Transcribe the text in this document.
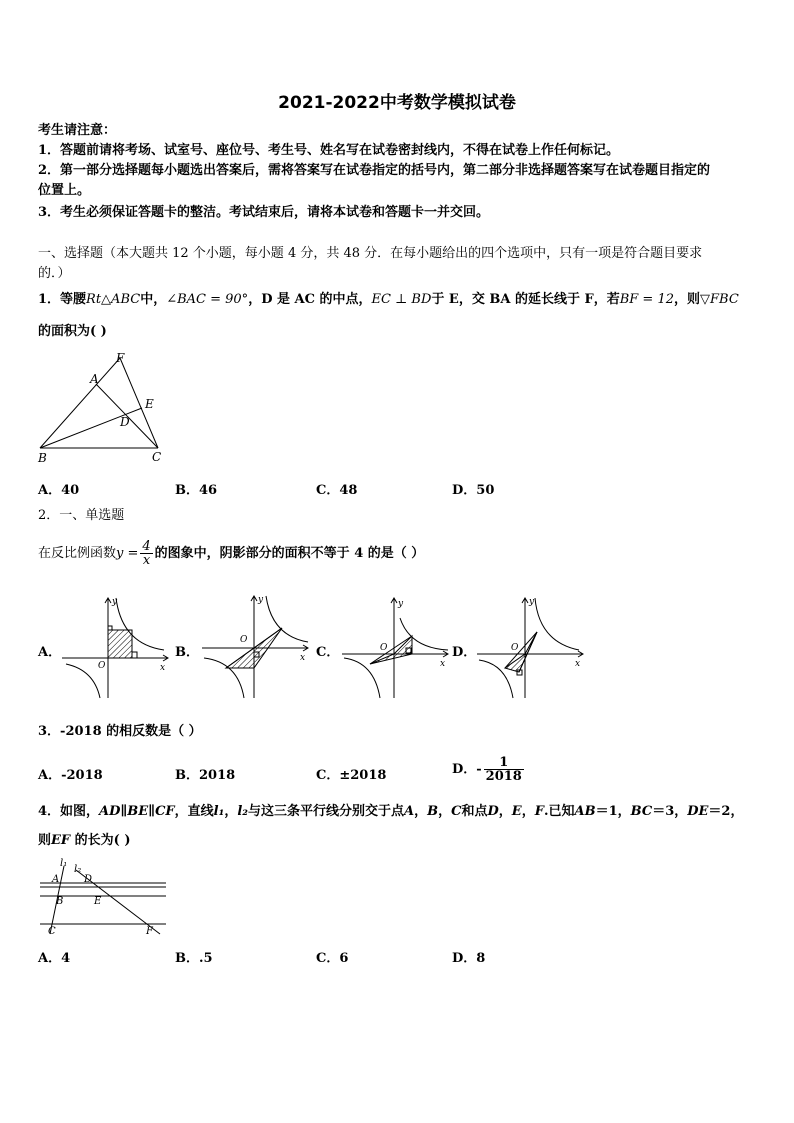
2021-2022中考数学模拟试卷
考生请注意：
1．答题前请将考场、试室号、座位号、考生号、姓名写在试卷密封线内，不得在试卷上作任何标记。
2．第一部分选择题每小题选出答案后，需将答案写在试卷指定的括号内，第二部分非选择题答案写在试卷题目指定的
位置上。
3．考生必须保证答题卡的整洁。考试结束后，请将本试卷和答题卡一并交回。
一、选择题（本大题共 12 个小题，每小题 4 分，共 48 分．在每小题给出的四个选项中，只有一项是符合题目要求
的．）
1．等腰Rt△ABC中，∠BAC = 90°，D 是 AC 的中点，EC ⊥ BD于 E，交 BA 的延长线于 F，若BF = 12，则▽FBC
的面积为( )
F
A
E
D
B	C
A．40	B．46	C．48	D．50
2．一、单选题
在反比例函数$y = \frac{4}{x}$ 的图象中，阴影部分的面积不等于 4 的是（ ）
A．	B．	C．	D．
y
x
O
y
x
O
y
x
O
y
x
O
3．-2018 的相反数是（ ）
A．-2018	B．2018	C．±2018	D．- $\frac{1}{2018}$
4．如图，AD∥BE∥CF，直线l₁，l₂与这三条平行线分别交于点A，B，C和点D，E，F.已知AB＝1，BC＝3，DE＝2，
则EF 的长为( )
l₁
l₂
A D
B	E
C	F
A．4	B．.5	C．6	D．8
